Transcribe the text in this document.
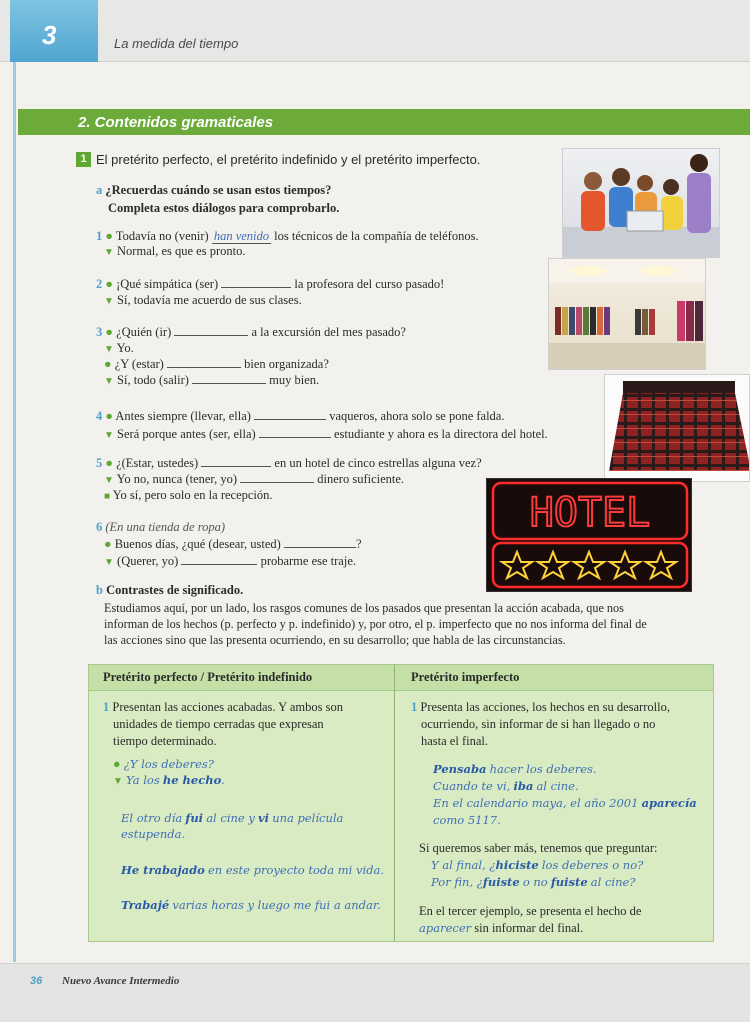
3	La medida del tiempo
2. Contenidos gramaticales
1 El pretérito perfecto, el pretérito indefinido y el pretérito imperfecto.
a ¿Recuerdas cuándo se usan estos tiempos?
Completa estos diálogos para comprobarlo.
1 ● Todavía no (venir) han venido los técnicos de la compañía de teléfonos.
▼ Normal, es que es pronto.
2 ● ¡Qué simpática (ser)	la profesora del curso pasado!
▼ Sí, todavía me acuerdo de sus clases.
3 ● ¿Quién (ir)	a la excursión del mes pasado?
▼ Yo.
● ¿Y (estar)	bien organizada?
▼ Sí, todo (salir)	muy bien.
4 ● Antes siempre (llevar, ella)	vaqueros, ahora solo se pone falda.
▼ Será porque antes (ser, ella)	estudiante y ahora es la directora del hotel.
5 ● ¿(Estar, ustedes)	en un hotel de cinco estrellas alguna vez?
▼ Yo no, nunca (tener, yo)	dinero suficiente.
■ Yo sí, pero solo en la recepción.
6 (En una tienda de ropa)
● Buenos días, ¿qué (desear, usted)	?
▼ (Querer, yo)	probarme ese traje.
b Contrastes de significado.
Estudiamos aquí, por un lado, los rasgos comunes de los pasados que presentan la acción acabada, que nos
informan de los hechos (p. perfecto y p. indefinido) y, por otro, el p. imperfecto que no nos informa del final de
las acciones sino que las presenta ocurriendo, en su desarrollo; que habla de las circunstancias.
HOTEL
Pretérito perfecto / Pretérito indefinido	Pretérito imperfecto
1 Presentan las acciones acabadas. Y ambos son
unidades de tiempo cerradas que expresan
tiempo determinado.
● ¿Y los deberes?
▼ Ya los he hecho.
El otro día fui al cine y vi una película
estupenda.
He trabajado en este proyecto toda mi vida.
Trabajé varias horas y luego me fui a andar.
1 Presenta las acciones, los hechos en su desarrollo,
ocurriendo, sin informar de si han llegado o no
hasta el final.
Pensaba hacer los deberes.
Cuando te vi, iba al cine.
En el calendario maya, el año 2001 aparecía
como 5117.
Si queremos saber más, tenemos que preguntar:
Y al final, ¿hiciste los deberes o no?
Por fin, ¿fuiste o no fuiste al cine?
En el tercer ejemplo, se presenta el hecho de
aparecer sin informar del final.
36 Nuevo Avance Intermedio
